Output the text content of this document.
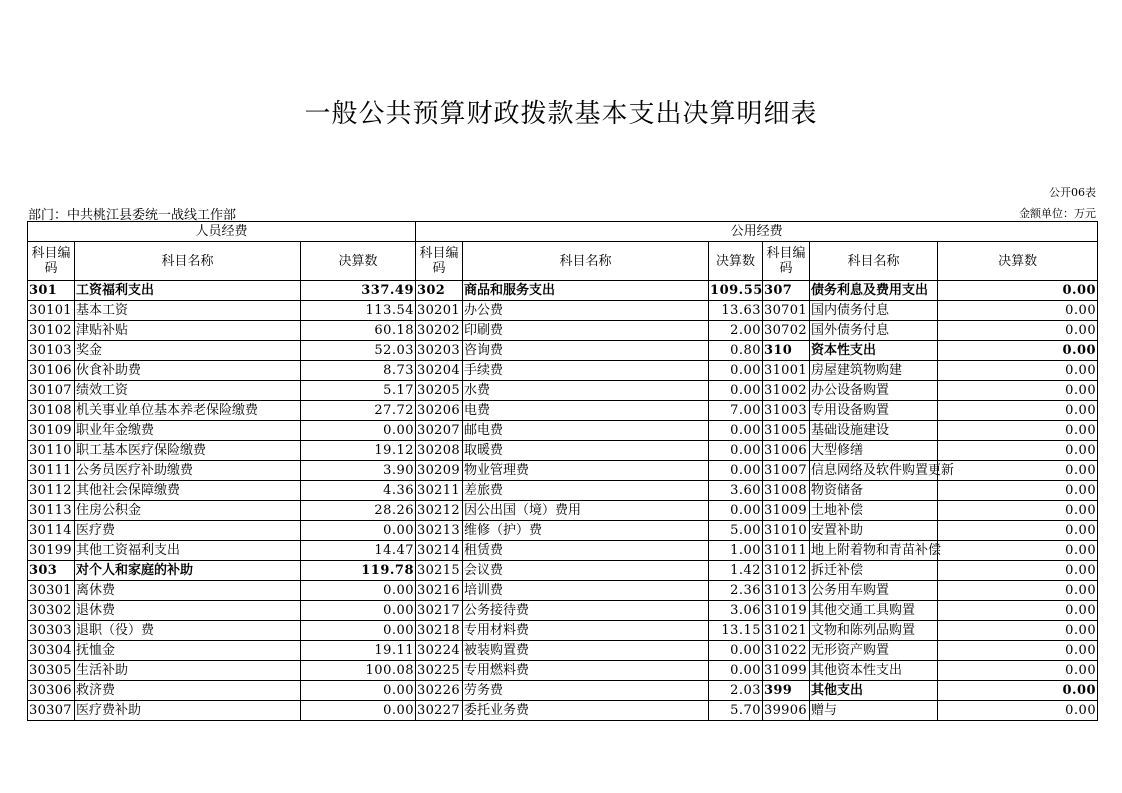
一般公共预算财政拨款基本支出决算明细表
公开06表
部门：中共桃江县委统一战线工作部	金额单位：万元
人员经费			公用经费					
科目编码	科目名称	决算数	科目编码	科目名称	决算数	科目编码	科目名称	决算数
301	工资福利支出	337.49	302	商品和服务支出	109.55	307	债务利息及费用支出	0.00
30101	基本工资	113.54	30201	办公费	13.63	30701	国内债务付息	0.00
30102	津贴补贴	60.18	30202	印刷费	2.00	30702	国外债务付息	0.00
30103	奖金	52.03	30203	咨询费	0.80	310	资本性支出	0.00
30106	伙食补助费	8.73	30204	手续费	0.00	31001	房屋建筑物购建	0.00
30107	绩效工资	5.17	30205	水费	0.00	31002	办公设备购置	0.00
30108	机关事业单位基本养老保险缴费	27.72	30206	电费	7.00	31003	专用设备购置	0.00
30109	职业年金缴费	0.00	30207	邮电费	0.00	31005	基础设施建设	0.00
30110	职工基本医疗保险缴费	19.12	30208	取暖费	0.00	31006	大型修缮	0.00
30111	公务员医疗补助缴费	3.90	30209	物业管理费	0.00	31007	信息网络及软件购置更新	0.00
30112	其他社会保障缴费	4.36	30211	差旅费	3.60	31008	物资储备	0.00
30113	住房公积金	28.26	30212	因公出国（境）费用	0.00	31009	土地补偿	0.00
30114	医疗费	0.00	30213	维修（护）费	5.00	31010	安置补助	0.00
30199	其他工资福利支出	14.47	30214	租赁费	1.00	31011	地上附着物和青苗补偿	0.00
303	对个人和家庭的补助	119.78	30215	会议费	1.42	31012	拆迁补偿	0.00
30301	离休费	0.00	30216	培训费	2.36	31013	公务用车购置	0.00
30302	退休费	0.00	30217	公务接待费	3.06	31019	其他交通工具购置	0.00
30303	退职（役）费	0.00	30218	专用材料费	13.15	31021	文物和陈列品购置	0.00
30304	抚恤金	19.11	30224	被装购置费	0.00	31022	无形资产购置	0.00
30305	生活补助	100.08	30225	专用燃料费	0.00	31099	其他资本性支出	0.00
30306	救济费	0.00	30226	劳务费	2.03	399	其他支出	0.00
30307	医疗费补助	0.00	30227	委托业务费	5.70	39906	赠与	0.00
